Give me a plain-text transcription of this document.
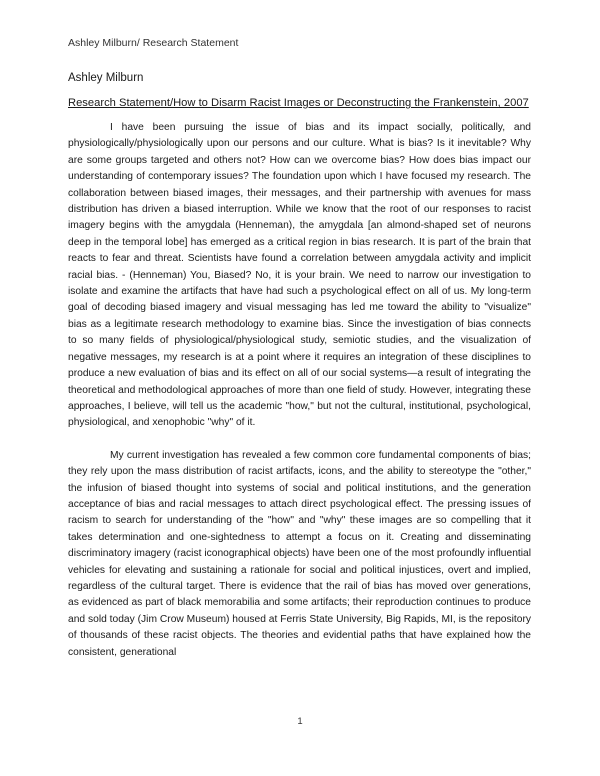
Ashley Milburn/ Research Statement
Ashley Milburn
Research Statement/How to Disarm Racist Images or Deconstructing the Frankenstein, 2007

I have been pursuing the issue of bias and its impact socially, politically, and physiologically/physiologically upon our persons and our culture. What is bias? Is it inevitable? Why are some groups targeted and others not? How can we overcome bias? How does bias impact our understanding of contemporary issues? The foundation upon which I have focused my research. The collaboration between biased images, their messages, and their partnership with avenues for mass distribution has driven a biased interruption. While we know that the root of our responses to racist imagery begins with the amygdala (Henneman), the amygdala [an almond-shaped set of neurons deep in the temporal lobe] has emerged as a critical region in bias research. It is part of the brain that reacts to fear and threat. Scientists have found a correlation between amygdala activity and implicit racial bias. - (Henneman) You, Biased? No, it is your brain. We need to narrow our investigation to isolate and examine the artifacts that have had such a psychological effect on all of us. My long-term goal of decoding biased imagery and visual messaging has led me toward the ability to "visualize" bias as a legitimate research methodology to examine bias. Since the investigation of bias connects to so many fields of physiological/physiological study, semiotic studies, and the visualization of negative messages, my research is at a point where it requires an integration of these disciplines to produce a new evaluation of bias and its effect on all of our social systems—a result of integrating the theoretical and methodological approaches of more than one field of study. However, integrating these approaches, I believe, will tell us the academic "how," but not the cultural, institutional, psychological, physiological, and xenophobic "why" of it.

My current investigation has revealed a few common core fundamental components of bias; they rely upon the mass distribution of racist artifacts, icons, and the ability to stereotype the "other," the infusion of biased thought into systems of social and political institutions, and the generation acceptance of bias and racial messages to attach direct psychological effect. The pressing issues of racism to search for understanding of the "how" and "why" these images are so compelling that it takes determination and one-sightedness to attempt a focus on it. Creating and disseminating discriminatory imagery (racist iconographical objects) have been one of the most profoundly influential vehicles for elevating and sustaining a rationale for social and political injustices, overt and implied, regardless of the cultural target. There is evidence that the rail of bias has moved over generations, as evidenced as part of black memorabilia and some artifacts; their reproduction continues to produce and sold today (Jim Crow Museum) housed at Ferris State University, Big Rapids, MI, is the repository of thousands of these racist objects. The theories and evidential paths that have explained how the consistent, generational

1
